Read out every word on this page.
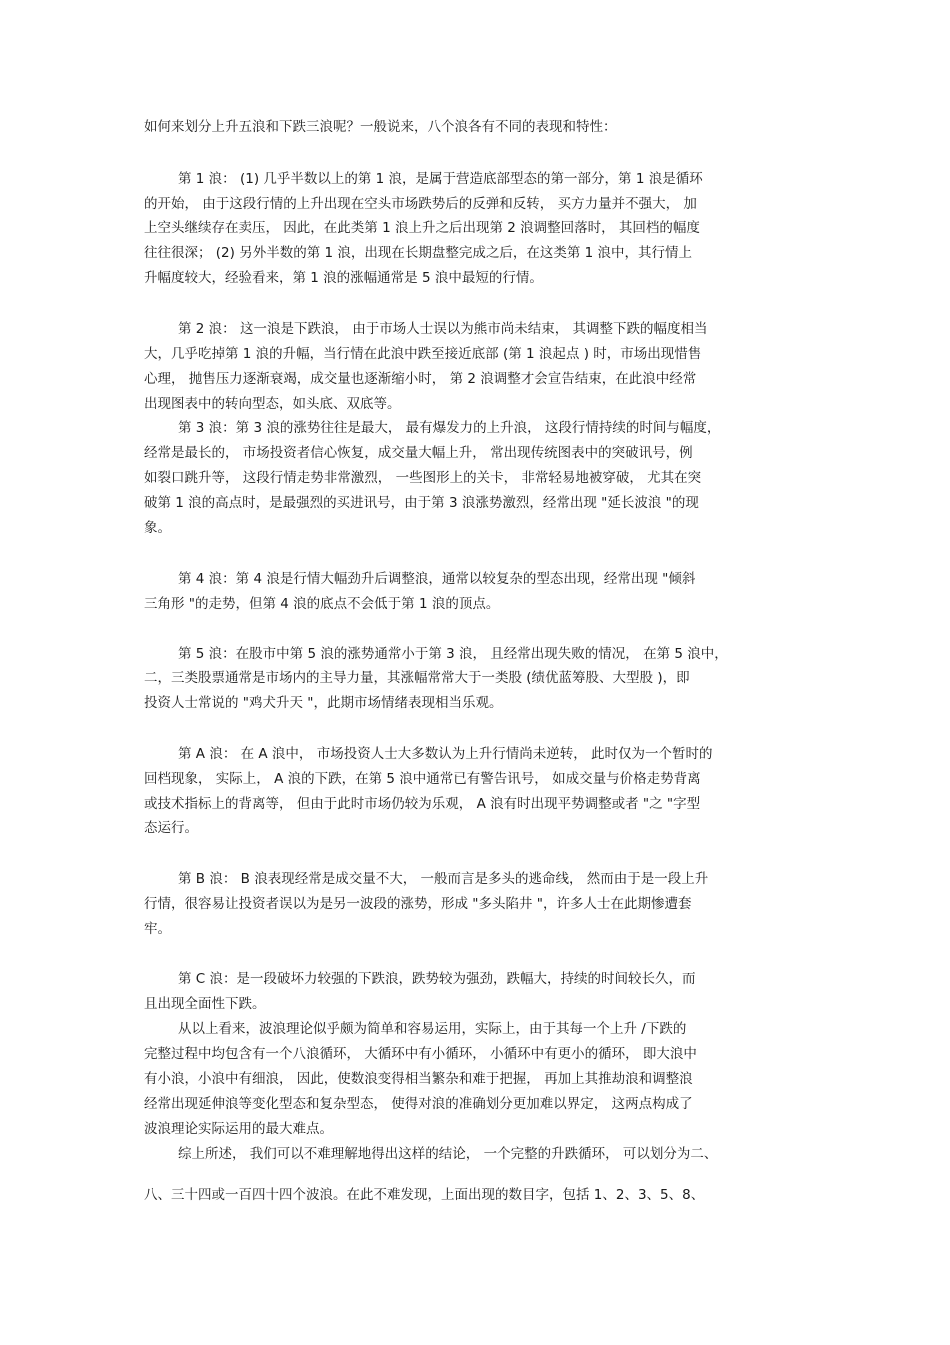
如何来划分上升五浪和下跌三浪呢？一般说来，八个浪各有不同的表现和特性：
第 1 浪： (1) 几乎半数以上的第 1 浪，是属于营造底部型态的第一部分，第 1 浪是循环
的开始， 由于这段行情的上升出现在空头市场跌势后的反弹和反转， 买方力量并不强大， 加
上空头继续存在卖压， 因此，在此类第 1 浪上升之后出现第 2 浪调整回落时， 其回档的幅度
往往很深； (2) 另外半数的第 1 浪，出现在长期盘整完成之后，在这类第 1 浪中，其行情上
升幅度较大，经验看来，第 1 浪的涨幅通常是 5 浪中最短的行情。
第 2 浪： 这一浪是下跌浪， 由于市场人士误以为熊市尚未结束， 其调整下跌的幅度相当
大，几乎吃掉第 1 浪的升幅，当行情在此浪中跌至接近底部 (第 1 浪起点 ) 时，市场出现惜售
心理， 抛售压力逐渐衰竭，成交量也逐渐缩小时， 第 2 浪调整才会宣告结束，在此浪中经常
出现图表中的转向型态，如头底、双底等。
第 3 浪：第 3 浪的涨势往往是最大， 最有爆发力的上升浪， 这段行情持续的时间与幅度，
经常是最长的， 市场投资者信心恢复，成交量大幅上升， 常出现传统图表中的突破讯号，例
如裂口跳升等， 这段行情走势非常激烈， 一些图形上的关卡， 非常轻易地被穿破， 尤其在突
破第 1 浪的高点时，是最强烈的买进讯号，由于第 3 浪涨势激烈，经常出现 "延长波浪 "的现
象。
第 4 浪：第 4 浪是行情大幅劲升后调整浪，通常以较复杂的型态出现，经常出现 "倾斜
三角形 "的走势，但第 4 浪的底点不会低于第 1 浪的顶点。
第 5 浪：在股市中第 5 浪的涨势通常小于第 3 浪， 且经常出现失败的情况， 在第 5 浪中，
二，三类股票通常是市场内的主导力量，其涨幅常常大于一类股 (绩优蓝筹股、大型股 )，即
投资人士常说的 "鸡犬升天 "，此期市场情绪表现相当乐观。
第 A 浪： 在 A 浪中， 市场投资人士大多数认为上升行情尚未逆转， 此时仅为一个暂时的
回档现象， 实际上， A 浪的下跌，在第 5 浪中通常已有警告讯号， 如成交量与价格走势背离
或技术指标上的背离等， 但由于此时市场仍较为乐观， A 浪有时出现平势调整或者 "之 "字型
态运行。
第 B 浪： B 浪表现经常是成交量不大， 一般而言是多头的逃命线， 然而由于是一段上升
行情，很容易让投资者误以为是另一波段的涨势，形成 "多头陷井 "，许多人士在此期惨遭套
牢。
第 C 浪：是一段破坏力较强的下跌浪，跌势较为强劲，跌幅大，持续的时间较长久，而
且出现全面性下跌。
从以上看来，波浪理论似乎颇为简单和容易运用，实际上，由于其每一个上升 /下跌的
完整过程中均包含有一个八浪循环， 大循环中有小循环， 小循环中有更小的循环， 即大浪中
有小浪，小浪中有细浪， 因此，使数浪变得相当繁杂和难于把握， 再加上其推劫浪和调整浪
经常出现延伸浪等变化型态和复杂型态， 使得对浪的准确划分更加难以界定， 这两点构成了
波浪理论实际运用的最大难点。
综上所述， 我们可以不难理解地得出这样的结论， 一个完整的升跌循环， 可以划分为二、
八、三十四或一百四十四个波浪。在此不难发现，上面出现的数目字，包括 1、2、3、5、8、
